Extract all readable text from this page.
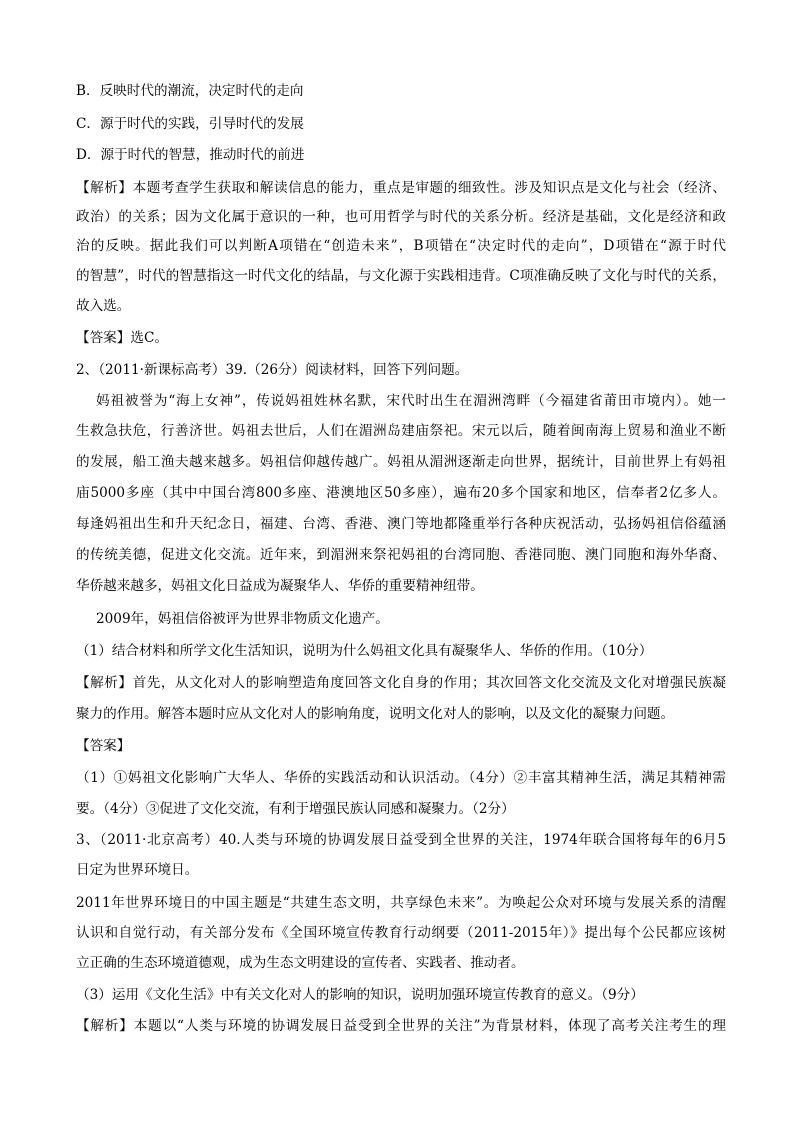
B．反映时代的潮流，决定时代的走向
C．源于时代的实践，引导时代的发展
D．源于时代的智慧，推动时代的前进
【解析】本题考查学生获取和解读信息的能力，重点是审题的细致性。涉及知识点是文化与社会（经济、
政治）的关系；因为文化属于意识的一种，也可用哲学与时代的关系分析。经济是基础，文化是经济和政
治的反映。据此我们可以判断A项错在“创造未来”，B项错在“决定时代的走向”，D项错在“源于时代
的智慧”，时代的智慧指这一时代文化的结晶，与文化源于实践相违背。C项准确反映了文化与时代的关系，
故入选。
【答案】选C。
2、（2011·新课标高考）39.（26分）阅读材料，回答下列问题。
妈祖被誉为“海上女神”，传说妈祖姓林名默，宋代时出生在湄洲湾畔（今福建省莆田市境内）。她一
生救急扶危，行善济世。妈祖去世后，人们在湄洲岛建庙祭祀。宋元以后，随着闽南海上贸易和渔业不断
的发展，船工渔夫越来越多。妈祖信仰越传越广。妈祖从湄洲逐渐走向世界，据统计，目前世界上有妈祖
庙5000多座（其中中国台湾800多座、港澳地区50多座），遍布20多个国家和地区，信奉者2亿多人。
每逢妈祖出生和升天纪念日，福建、台湾、香港、澳门等地都隆重举行各种庆祝活动，弘扬妈祖信俗蕴涵
的传统美德，促进文化交流。近年来，到湄洲来祭祀妈祖的台湾同胞、香港同胞、澳门同胞和海外华裔、
华侨越来越多，妈祖文化日益成为凝聚华人、华侨的重要精神纽带。
2009年，妈祖信俗被评为世界非物质文化遗产。
（1）结合材料和所学文化生活知识，说明为什么妈祖文化具有凝聚华人、华侨的作用。（10分）
【解析】首先，从文化对人的影响塑造角度回答文化自身的作用；其次回答文化交流及文化对增强民族凝
聚力的作用。解答本题时应从文化对人的影响角度，说明文化对人的影响，以及文化的凝聚力问题。
【答案】
（1）①妈祖文化影响广大华人、华侨的实践活动和认识活动。（4分）②丰富其精神生活，满足其精神需
要。（4分）③促进了文化交流，有利于增强民族认同感和凝聚力。（2分）
3、（2011·北京高考）40.人类与环境的协调发展日益受到全世界的关注，1974年联合国将每年的6月5
日定为世界环境日。
2011年世界环境日的中国主题是“共建生态文明，共享绿色未来”。为唤起公众对环境与发展关系的清醒
认识和自觉行动，有关部分发布《全国环境宣传教育行动纲要（2011-2015年）》提出每个公民都应该树
立正确的生态环境道德观，成为生态文明建设的宣传者、实践者、推动者。
（3）运用《文化生活》中有关文化对人的影响的知识，说明加强环境宣传教育的意义。（9分）
【解析】本题以“人类与环境的协调发展日益受到全世界的关注”为背景材料，体现了高考关注考生的理
